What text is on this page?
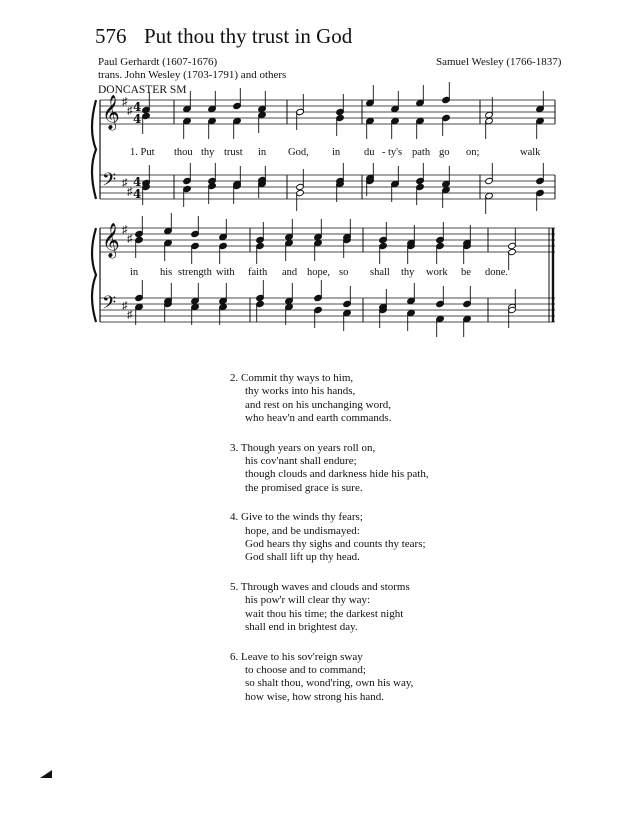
576 Put thou thy trust in God
Paul Gerhardt (1607-1676)
trans. John Wesley (1703-1791) and others
Samuel Wesley (1766-1837)
DONCASTER SM
𝄞 ♯
♯
𝄢 ♯
♯
4
4
4
4
𝄞 ♯
♯
𝄢 ♯
♯
1. Put thou thy trust in God, in du - ty's path go on;	walk
in his strength with faith and hope, so shall thy work be done.
2. Commit thy ways to him,
thy works into his hands,
and rest on his unchanging word,
who heav'n and earth commands.
3. Though years on years roll on,
his cov'nant shall endure;
though clouds and darkness hide his path,
the promised grace is sure.
4. Give to the winds thy fears;
hope, and be undismayed:
God hears thy sighs and counts thy tears;
God shall lift up thy head.
5. Through waves and clouds and storms
his pow'r will clear thy way:
wait thou his time; the darkest night
shall end in brightest day.
6. Leave to his sov'reign sway
to choose and to command;
so shalt thou, wond'ring, own his way,
how wise, how strong his hand.
